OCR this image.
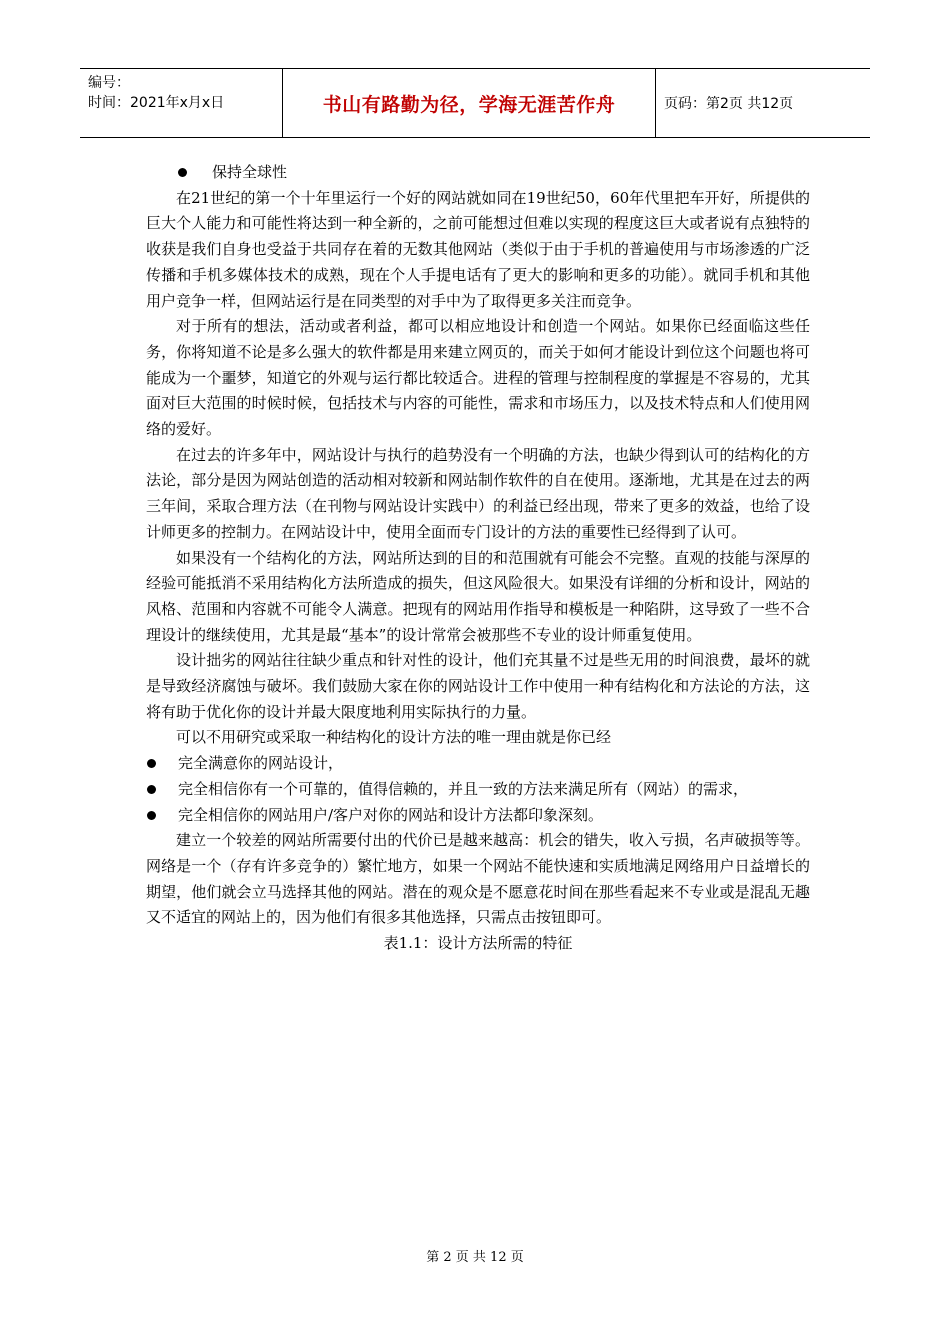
编号：
时间：2021年x月x日	书山有路勤为径，学海无涯苦作舟	页码：第2页 共12页
保持全球性

在21世纪的第一个十年里运行一个好的网站就如同在19世纪50，60年代里把车开好，所提供的巨大个人能力和可能性将达到一种全新的，之前可能想过但难以实现的程度这巨大或者说有点独特的收获是我们自身也受益于共同存在着的无数其他网站（类似于由于手机的普遍使用与市场渗透的广泛传播和手机多媒体技术的成熟，现在个人手提电话有了更大的影响和更多的功能）。就同手机和其他用户竞争一样，但网站运行是在同类型的对手中为了取得更多关注而竞争。

对于所有的想法，活动或者利益，都可以相应地设计和创造一个网站。如果你已经面临这些任务，你将知道不论是多么强大的软件都是用来建立网页的，而关于如何才能设计到位这个问题也将可能成为一个噩梦，知道它的外观与运行都比较适合。进程的管理与控制程度的掌握是不容易的，尤其面对巨大范围的时候时候，包括技术与内容的可能性，需求和市场压力，以及技术特点和人们使用网络的爱好。

在过去的许多年中，网站设计与执行的趋势没有一个明确的方法，也缺少得到认可的结构化的方法论，部分是因为网站创造的活动相对较新和网站制作软件的自在使用。逐渐地，尤其是在过去的两三年间，采取合理方法（在刊物与网站设计实践中）的利益已经出现，带来了更多的效益，也给了设计师更多的控制力。在网站设计中，使用全面而专门设计的方法的重要性已经得到了认可。

如果没有一个结构化的方法，网站所达到的目的和范围就有可能会不完整。直观的技能与深厚的经验可能抵消不采用结构化方法所造成的损失，但这风险很大。如果没有详细的分析和设计，网站的风格、范围和内容就不可能令人满意。把现有的网站用作指导和模板是一种陷阱，这导致了一些不合理设计的继续使用，尤其是最“基本”的设计常常会被那些不专业的设计师重复使用。

设计拙劣的网站往往缺少重点和针对性的设计，他们充其量不过是些无用的时间浪费，最坏的就是导致经济腐蚀与破坏。我们鼓励大家在你的网站设计工作中使用一种有结构化和方法论的方法，这将有助于优化你的设计并最大限度地利用实际执行的力量。

可以不用研究或采取一种结构化的设计方法的唯一理由就是你已经

完全满意你的网站设计，
完全相信你有一个可靠的，值得信赖的，并且一致的方法来满足所有（网站）的需求，
完全相信你的网站用户/客户对你的网站和设计方法都印象深刻。

建立一个较差的网站所需要付出的代价已是越来越高：机会的错失，收入亏损，名声破损等等。网络是一个（存有许多竞争的）繁忙地方，如果一个网站不能快速和实质地满足网络用户日益增长的期望，他们就会立马选择其他的网站。潜在的观众是不愿意花时间在那些看起来不专业或是混乱无趣又不适宜的网站上的，因为他们有很多其他选择，只需点击按钮即可。

表1.1：设计方法所需的特征
第 2 页 共 12 页
